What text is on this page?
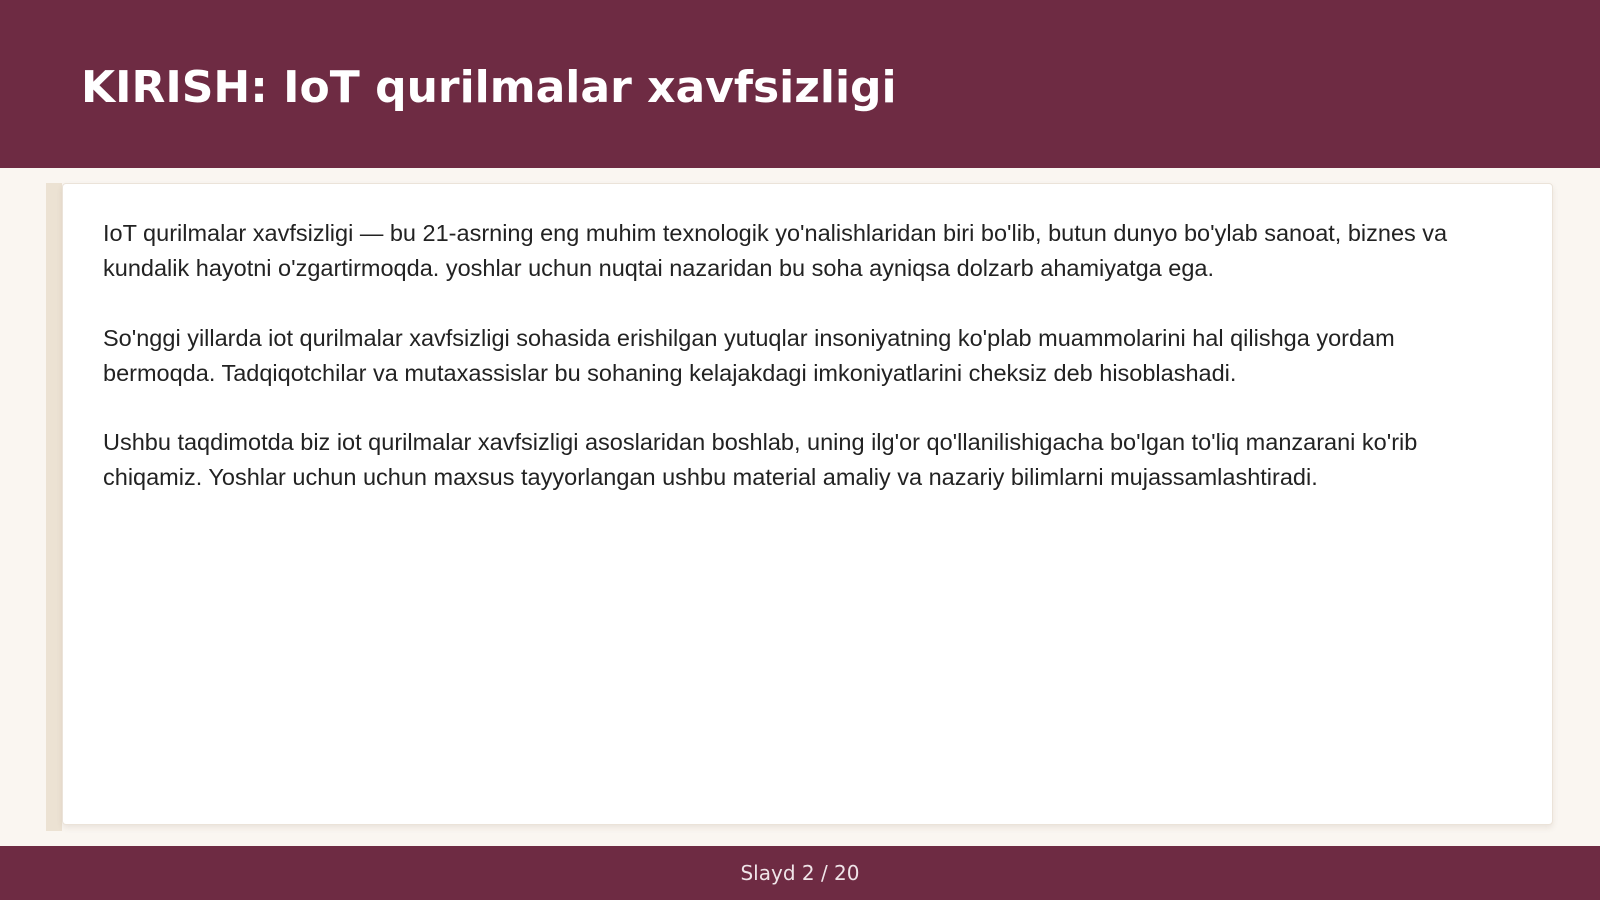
KIRISH: IoT qurilmalar xavfsizligi

IoT qurilmalar xavfsizligi — bu 21-asrning eng muhim texnologik yo'nalishlaridan biri bo'lib, butun dunyo bo'ylab sanoat, biznes va kundalik hayotni o'zgartirmoqda. yoshlar uchun nuqtai nazaridan bu soha ayniqsa dolzarb ahamiyatga ega.

So'nggi yillarda iot qurilmalar xavfsizligi sohasida erishilgan yutuqlar insoniyatning ko'plab muammolarini hal qilishga yordam bermoqda. Tadqiqotchilar va mutaxassislar bu sohaning kelajakdagi imkoniyatlarini cheksiz deb hisoblashadi.

Ushbu taqdimotda biz iot qurilmalar xavfsizligi asoslaridan boshlab, uning ilg'or qo'llanilishigacha bo'lgan to'liq manzarani ko'rib chiqamiz. Yoshlar uchun uchun maxsus tayyorlangan ushbu material amaliy va nazariy bilimlarni mujassamlashtiradi.

Slayd 2 / 20
